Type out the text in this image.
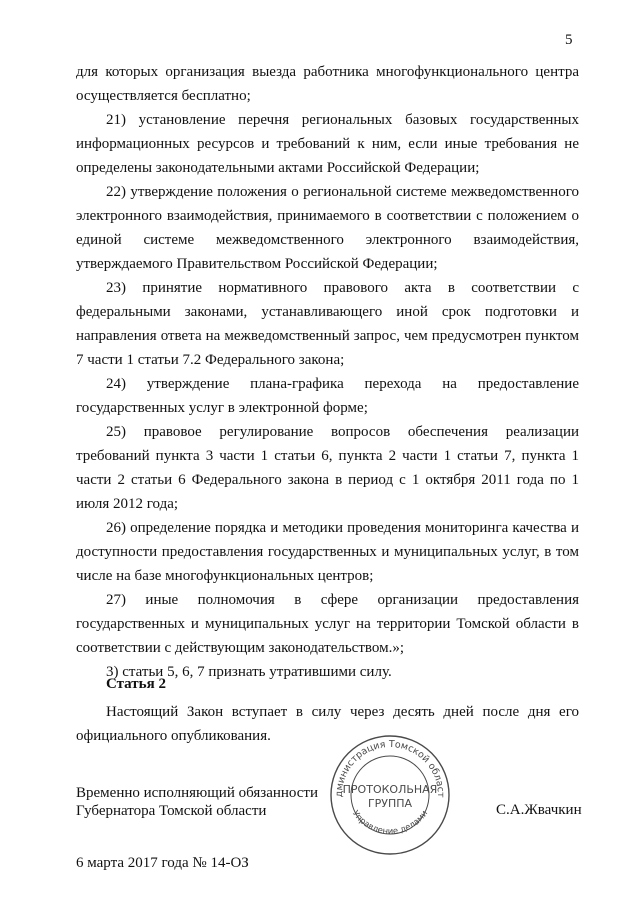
5

для которых организация выезда работника многофункционального центра осуществляется бесплатно;

21) установление перечня региональных базовых государственных информационных ресурсов и требований к ним, если иные требования не определены законодательными актами Российской Федерации;

22) утверждение положения о региональной системе межведомственного электронного взаимодействия, принимаемого в соответствии с положением о единой системе межведомственного электронного взаимодействия, утверждаемого Правительством Российской Федерации;

23) принятие нормативного правового акта в соответствии с федеральными законами, устанавливающего иной срок подготовки и направления ответа на межведомственный запрос, чем предусмотрен пунктом 7 части 1 статьи 7.2 Федерального закона;

24) утверждение плана-графика перехода на предоставление государственных услуг в электронной форме;

25) правовое регулирование вопросов обеспечения реализации требований пункта 3 части 1 статьи 6, пункта 2 части 1 статьи 7, пункта 1 части 2 статьи 6 Федерального закона в период с 1 октября 2011 года по 1 июля 2012 года;

26) определение порядка и методики проведения мониторинга качества и доступности предоставления государственных и муниципальных услуг, в том числе на базе многофункциональных центров;

27) иные полномочия в сфере организации предоставления государственных и муниципальных услуг на территории Томской области в соответствии с действующим законодательством.»;

3) статьи 5, 6, 7 признать утратившими силу.

Статья 2
Настоящий Закон вступает в силу через десять дней после дня его официального опубликования.
Временно исполняющий обязанности
Губернатора Томской области
дминистрация Томской област
Управление делами
ПРОТОКОЛЬНАЯ
ГРУППА	С.А.Жвачкин
6 марта 2017 года № 14-ОЗ
